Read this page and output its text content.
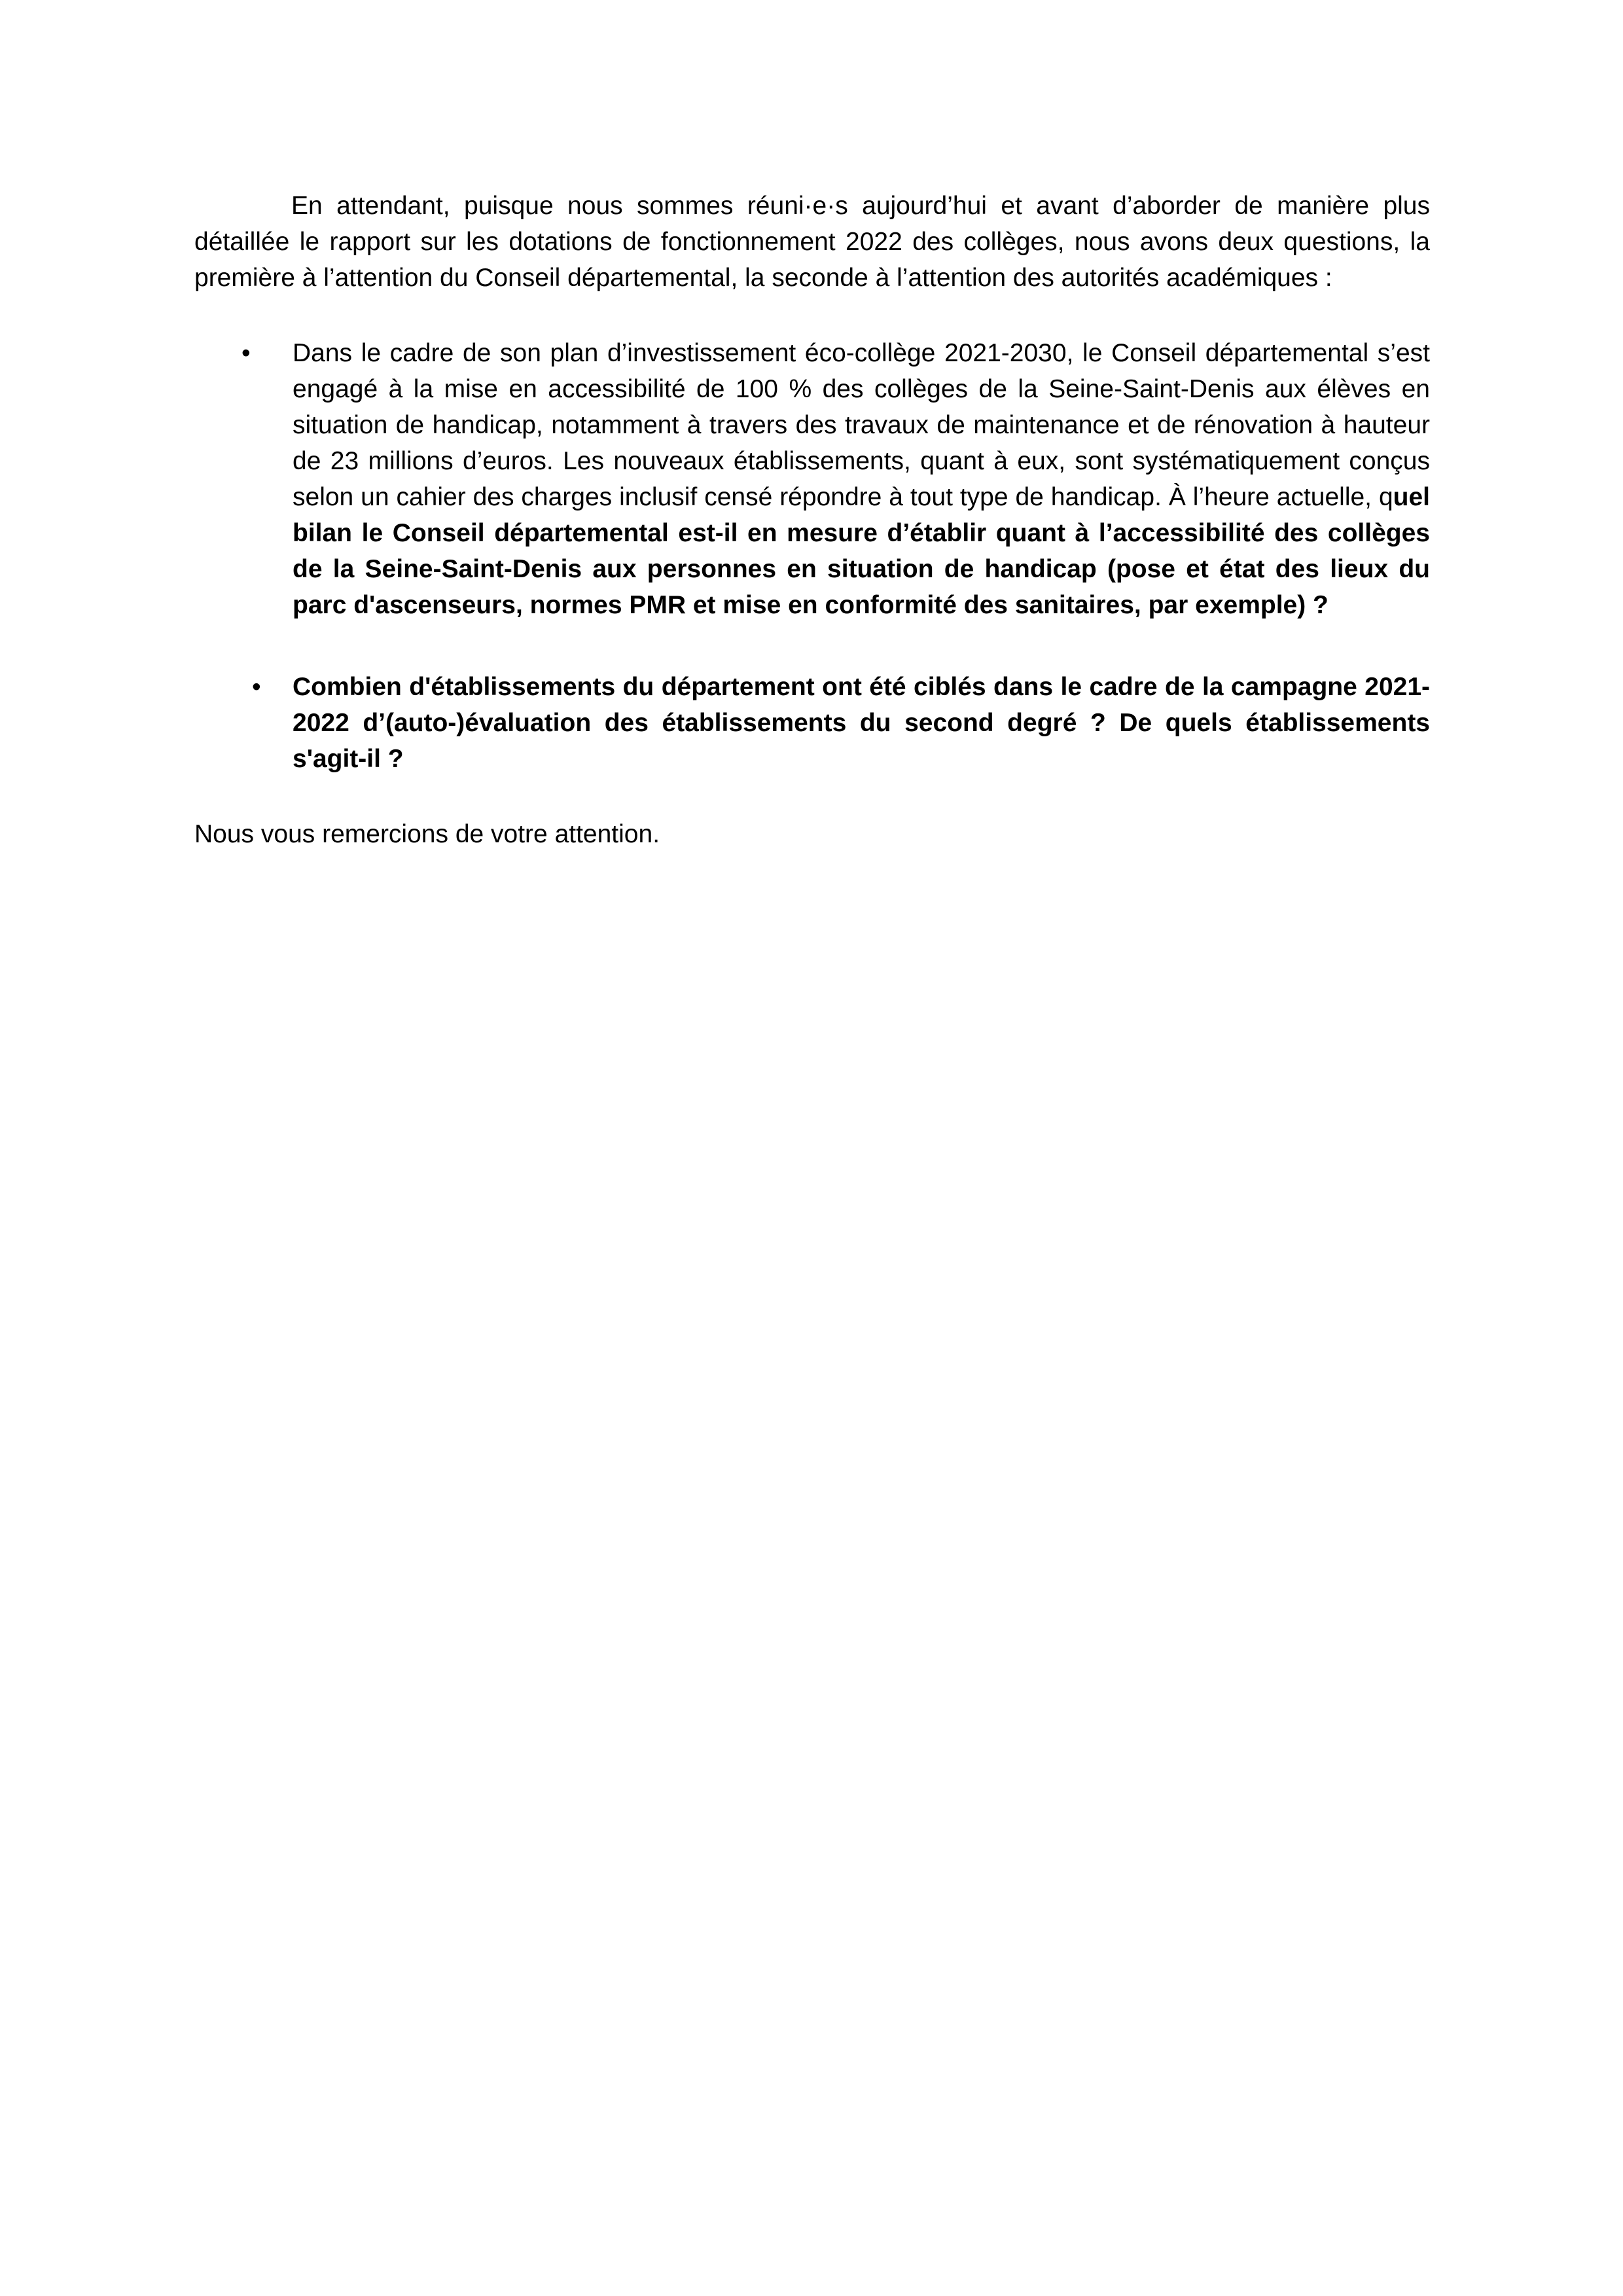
En attendant, puisque nous sommes réuni·e·s aujourd’hui et avant d’aborder de manière plus détaillée le rapport sur les dotations de fonctionnement 2022 des collèges, nous avons deux questions, la première à l’attention du Conseil départemental, la seconde à l’attention des autorités académiques :

• Dans le cadre de son plan d’investissement éco-collège 2021-2030, le Conseil départemental s’est engagé à la mise en accessibilité de 100 % des collèges de la Seine-Saint-Denis aux élèves en situation de handicap, notamment à travers des travaux de maintenance et de rénovation à hauteur de 23 millions d’euros. Les nouveaux établissements, quant à eux, sont systématiquement conçus selon un cahier des charges inclusif censé répondre à tout type de handicap. À l’heure actuelle, quel bilan le Conseil départemental est-il en mesure d’établir quant à l’accessibilité des collèges de la Seine-Saint-Denis aux personnes en situation de handicap (pose et état des lieux du parc d'ascenseurs, normes PMR et mise en conformité des sanitaires, par exemple) ?
• Combien d'établissements du département ont été ciblés dans le cadre de la campagne 2021-2022 d’(auto-)évaluation des établissements du second degré ? De quels établissements s'agit-il ?

Nous vous remercions de votre attention.
